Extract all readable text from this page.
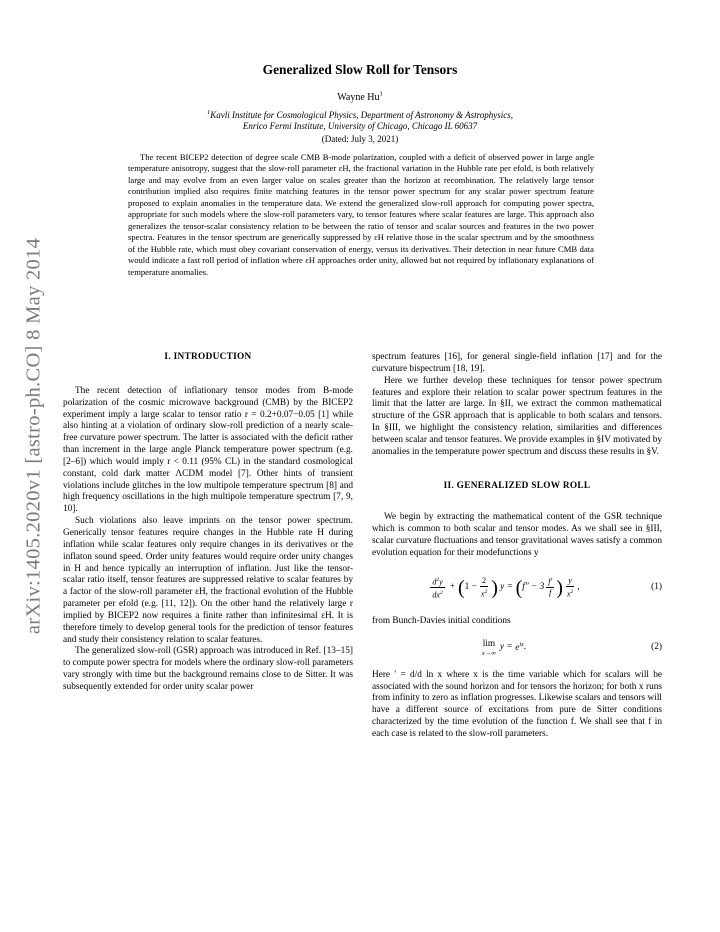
arXiv:1405.2020v1 [astro-ph.CO] 8 May 2014
Generalized Slow Roll for Tensors
Wayne Hu$^1$
$^1$Kavli Institute for Cosmological Physics, Department of Astronomy & Astrophysics,
Enrico Fermi Institute, University of Chicago, Chicago IL 60637
(Dated: July 3, 2021)

The recent BICEP2 detection of degree scale CMB B-mode polarization, coupled with a deficit of observed power in large angle temperature anisotropy, suggest that the slow-roll parameter εH, the fractional variation in the Hubble rate per efold, is both relatively large and may evolve from an even larger value on scales greater than the horizon at recombination. The relatively large tensor contribution implied also requires finite matching features in the tensor power spectrum for any scalar power spectrum feature proposed to explain anomalies in the temperature data. We extend the generalized slow-roll approach for computing power spectra, appropriate for such models where the slow-roll parameters vary, to tensor features where scalar features are large. This approach also generalizes the tensor-scalar consistency relation to be between the ratio of tensor and scalar sources and features in the two power spectra. Features in the tensor spectrum are generically suppressed by εH relative those in the scalar spectrum and by the smoothness of the Hubble rate, which must obey covariant conservation of energy, versus its derivatives. Their detection in near future CMB data would indicate a fast roll period of inflation where εH approaches order unity, allowed but not required by inflationary explanations of temperature anomalies.

I. INTRODUCTION

The recent detection of inflationary tensor modes from B-mode polarization of the cosmic microwave background (CMB) by the BICEP2 experiment imply a large scalar to tensor ratio r = 0.2+0.07−0.05 [1] while also hinting at a violation of ordinary slow-roll prediction of a nearly scale-free curvature power spectrum. The latter is associated with the deficit rather than increment in the large angle Planck temperature power spectrum (e.g. [2–6]) which would imply r < 0.11 (95% CL) in the standard cosmological constant, cold dark matter ΛCDM model [7]. Other hints of transient violations include glitches in the low multipole temperature spectrum [8] and high frequency oscillations in the high multipole temperature spectrum [7, 9, 10].

Such violations also leave imprints on the tensor power spectrum. Generically tensor features require changes in the Hubble rate H during inflation while scalar features only require changes in its derivatives or the inflaton sound speed. Order unity features would require order unity changes in H and hence typically an interruption of inflation. Just like the tensor-scalar ratio itself, tensor features are suppressed relative to scalar features by a factor of the slow-roll parameter εH, the fractional evolution of the Hubble parameter per efold (e.g. [11, 12]). On the other hand the relatively large r implied by BICEP2 now requires a finite rather than infinitesimal εH. It is therefore timely to develop general tools for the prediction of tensor features and study their consistency relation to scalar features.

The generalized slow-roll (GSR) approach was introduced in Ref. [13–15] to compute power spectra for models where the ordinary slow-roll parameters vary strongly with time but the background remains close to de Sitter. It was subsequently extended for order unity scalar power

spectrum features [16], for general single-field inflation [17] and for the curvature bispectrum [18, 19].

Here we further develop these techniques for tensor power spectrum features and explore their relation to scalar power spectrum features in the limit that the latter are large. In §II, we extract the common mathematical structure of the GSR approach that is applicable to both scalars and tensors. In §III, we highlight the consistency relation, similarities and differences between scalar and tensor features. We provide examples in §IV motivated by anomalies in the temperature power spectrum and discuss these results in §V.

II. GENERALIZED SLOW ROLL

We begin by extracting the mathematical content of the GSR technique which is common to both scalar and tensor modes. As we shall see in §III, scalar curvature fluctuations and tensor gravitational waves satisfy a common evolution equation for their modefunctions y

$\frac{d^2y}{dx^2}$ + ( $1 - \frac{2}{x^2}$ ) y = ( $f'' - 3 \frac{f'}{f}$ ) $\frac{y}{x^2}$ ,	(1)

from Bunch-Davies initial conditions

lim
x→∞
$y = e^{ix}$ .	(2)

Here ′ = d/d ln x where x is the time variable which for scalars will be associated with the sound horizon and for tensors the horizon; for both x runs from infinity to zero as inflation progresses. Likewise scalars and tensors will have a different source of excitations from pure de Sitter conditions characterized by the time evolution of the function f. We shall see that f in each case is related to the slow-roll parameters.
